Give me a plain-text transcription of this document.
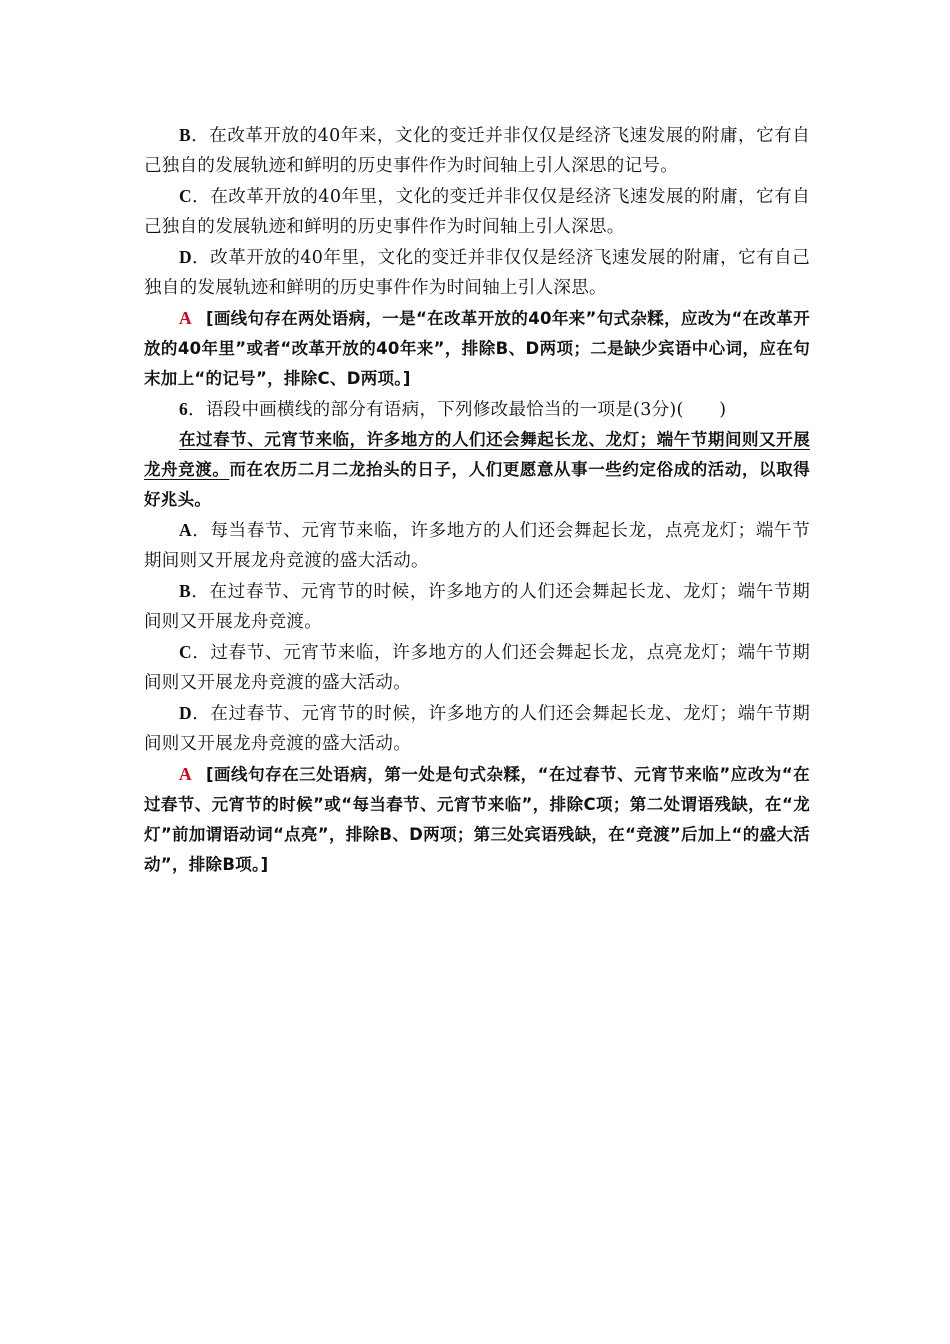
B．在改革开放的40年来，文化的变迁并非仅仅是经济飞速发展的附庸，它有自己独自的发展轨迹和鲜明的历史事件作为时间轴上引人深思的记号。

C．在改革开放的40年里，文化的变迁并非仅仅是经济飞速发展的附庸，它有自己独自的发展轨迹和鲜明的历史事件作为时间轴上引人深思。

D．改革开放的40年里，文化的变迁并非仅仅是经济飞速发展的附庸，它有自己独自的发展轨迹和鲜明的历史事件作为时间轴上引人深思。

A [画线句存在两处语病，一是“在改革开放的40年来”句式杂糅，应改为“在改革开放的40年里”或者“改革开放的40年来”，排除B、D两项；二是缺少宾语中心词，应在句末加上“的记号”，排除C、D两项。]

6．语段中画横线的部分有语病，下列修改最恰当的一项是(3分)(　　)

在过春节、元宵节来临，许多地方的人们还会舞起长龙、龙灯；端午节期间则又开展龙舟竞渡。而在农历二月二龙抬头的日子，人们更愿意从事一些约定俗成的活动，以取得好兆头。

A．每当春节、元宵节来临，许多地方的人们还会舞起长龙，点亮龙灯；端午节期间则又开展龙舟竞渡的盛大活动。

B．在过春节、元宵节的时候，许多地方的人们还会舞起长龙、龙灯；端午节期间则又开展龙舟竞渡。

C．过春节、元宵节来临，许多地方的人们还会舞起长龙，点亮龙灯；端午节期间则又开展龙舟竞渡的盛大活动。

D．在过春节、元宵节的时候，许多地方的人们还会舞起长龙、龙灯；端午节期间则又开展龙舟竞渡的盛大活动。

A [画线句存在三处语病，第一处是句式杂糅，“在过春节、元宵节来临”应改为“在过春节、元宵节的时候”或“每当春节、元宵节来临”，排除C项；第二处谓语残缺，在“龙灯”前加谓语动词“点亮”，排除B、D两项；第三处宾语残缺，在“竞渡”后加上“的盛大活动”，排除B项。]
